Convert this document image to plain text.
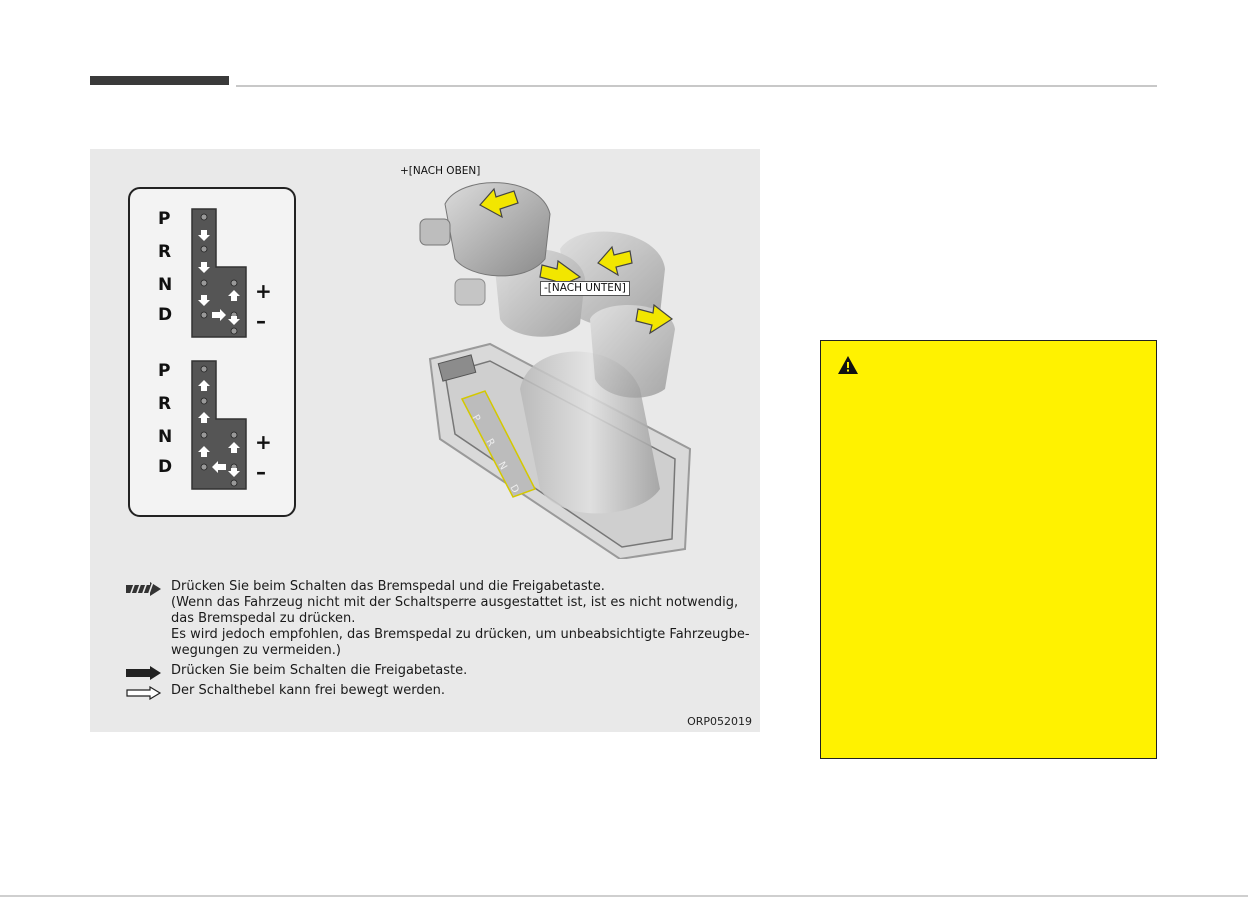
P
R
N
D
+
–
P
R
N
D
+
–
P
R
N
D
+[NACH OBEN]
-[NACH UNTEN]
Drücken Sie beim Schalten das Bremspedal und die Freigabetaste.
(Wenn das Fahrzeug nicht mit der Schaltsperre ausgestattet ist, ist es nicht notwendig,
das Bremspedal zu drücken.
Es wird jedoch empfohlen, das Bremspedal zu drücken, um unbeabsichtigte Fahrzeugbe-
wegungen zu vermeiden.)
Drücken Sie beim Schalten die Freigabetaste.
Der Schalthebel kann frei bewegt werden.
ORP052019
